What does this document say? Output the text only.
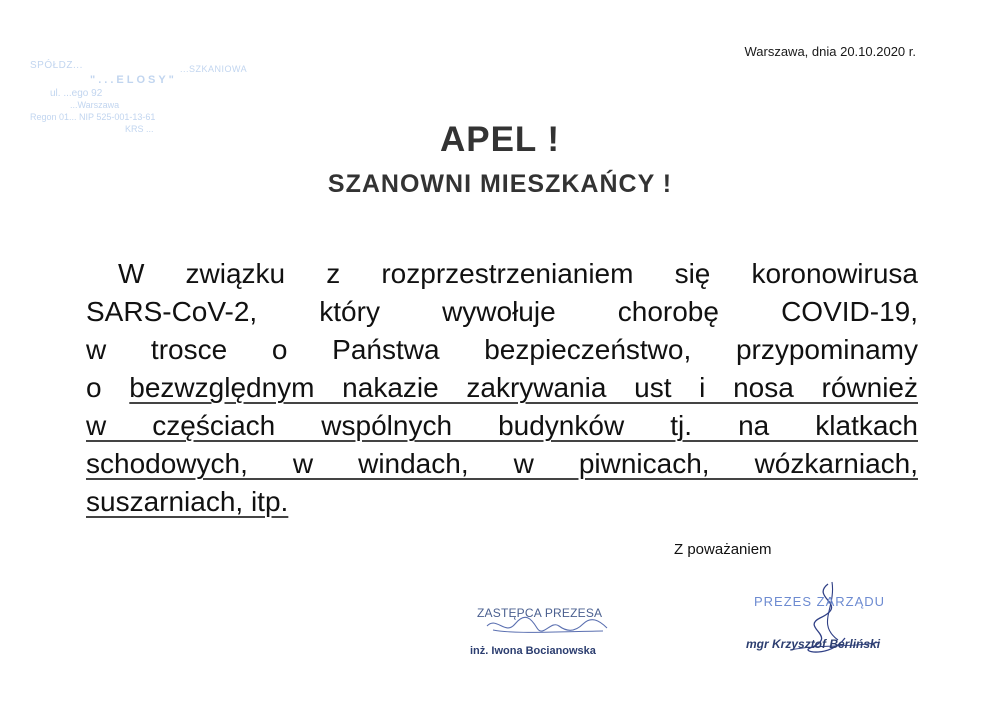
SPÓŁDZ...	...SZKANIOWA
"...ELOSY"
ul. ...ego 92
...Warszawa
Regon 01... NIP 525-001-13-61
KRS ...
Warszawa, dnia 20.10.2020 r.
APEL !
SZANOWNI MIESZKAŃCY !
W związku z rozprzestrzenianiem się koronowirusa
SARS-CoV-2, który wywołuje chorobę COVID-19,
w trosce o Państwa bezpieczeństwo, przypominamy
o bezwzględnym nakazie zakrywania ust i nosa również
w częściach wspólnych budynków tj. na klatkach
schodowych, w windach, w piwnicach, wózkarniach,
suszarniach, itp.
Z poważaniem
ZASTĘPCA PREZESA
inż. Iwona Bocianowska
PREZES ZARZĄDU
mgr Krzysztof Berliński
